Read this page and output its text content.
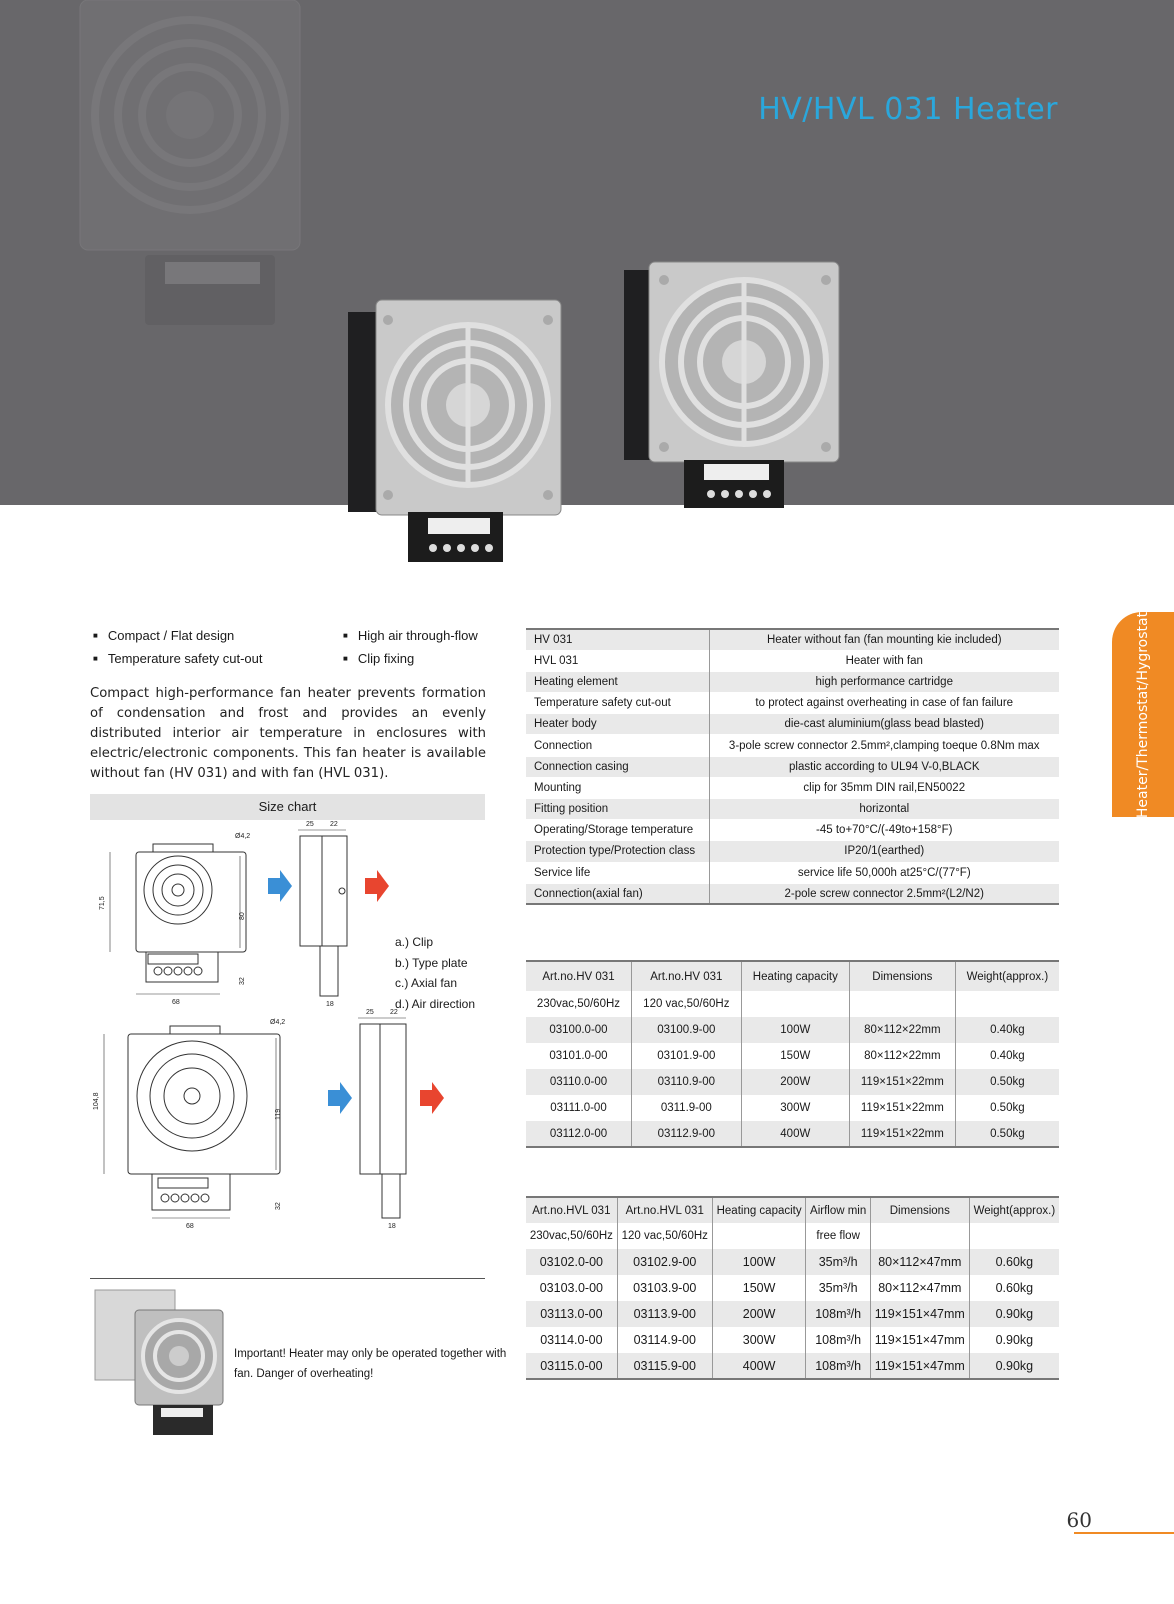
HV/HVL 031 Heater
Heater/Thermostat/Hygrostat
■ Compact / Flat design	■ High air through-flow
■ Temperature safety cut-out	■ Clip fixing

Compact high-performance fan heater prevents formation of condensation and frost and provides an evenly distributed interior air temperature in enclosures with electric/electronic components. This fan heater is available without fan (HV 031) and with fan (HVL 031).

Size chart
Ø4,2
71,5
80
32
68
25 22
18
Ø4,2
104,8
119
32
68
25 22
18
a.) Clip
b.) Type plate
c.) Axial fan
d.) Air direction
Important! Heater may only be operated together with fan. Danger of overheating!
HV 031	Heater without fan (fan mounting kie included)
HVL 031	Heater with fan
Heating element	high performance cartridge
Temperature safety cut-out	to protect against overheating in case of fan failure
Heater body	die-cast aluminium(glass bead blasted)
Connection	3-pole screw connector 2.5mm²,clamping toeque 0.8Nm max
Connection casing	plastic according to UL94 V-0,BLACK
Mounting	clip for 35mm DIN rail,EN50022
Fitting position	horizontal
Operating/Storage temperature	-45 to+70°C/(-49to+158°F)
Protection type/Protection class	IP20/1(earthed)
Service life	service life 50,000h at25°C/(77°F)
Connection(axial fan)	2-pole screw connector 2.5mm²(L2/N2)
Art.no.HV 031	Art.no.HV 031	Heating capacity	Dimensions	Weight(approx.)
230vac,50/60Hz	120 vac,50/60Hz			
03100.0-00	03100.9-00	100W	80×112×22mm	0.40kg
03101.0-00	03101.9-00	150W	80×112×22mm	0.40kg
03110.0-00	03110.9-00	200W	119×151×22mm	0.50kg
03111.0-00	0311.9-00	300W	119×151×22mm	0.50kg
03112.0-00	03112.9-00	400W	119×151×22mm	0.50kg
Art.no.HVL 031	Art.no.HVL 031	Heating capacity	Airflow min	Dimensions	Weight(approx.)
230vac,50/60Hz	120 vac,50/60Hz		free flow		
03102.0-00	03102.9-00	100W	35m³/h	80×112×47mm	0.60kg
03103.0-00	03103.9-00	150W	35m³/h	80×112×47mm	0.60kg
03113.0-00	03113.9-00	200W	108m³/h	119×151×47mm	0.90kg
03114.0-00	03114.9-00	300W	108m³/h	119×151×47mm	0.90kg
03115.0-00	03115.9-00	400W	108m³/h	119×151×47mm	0.90kg
60
